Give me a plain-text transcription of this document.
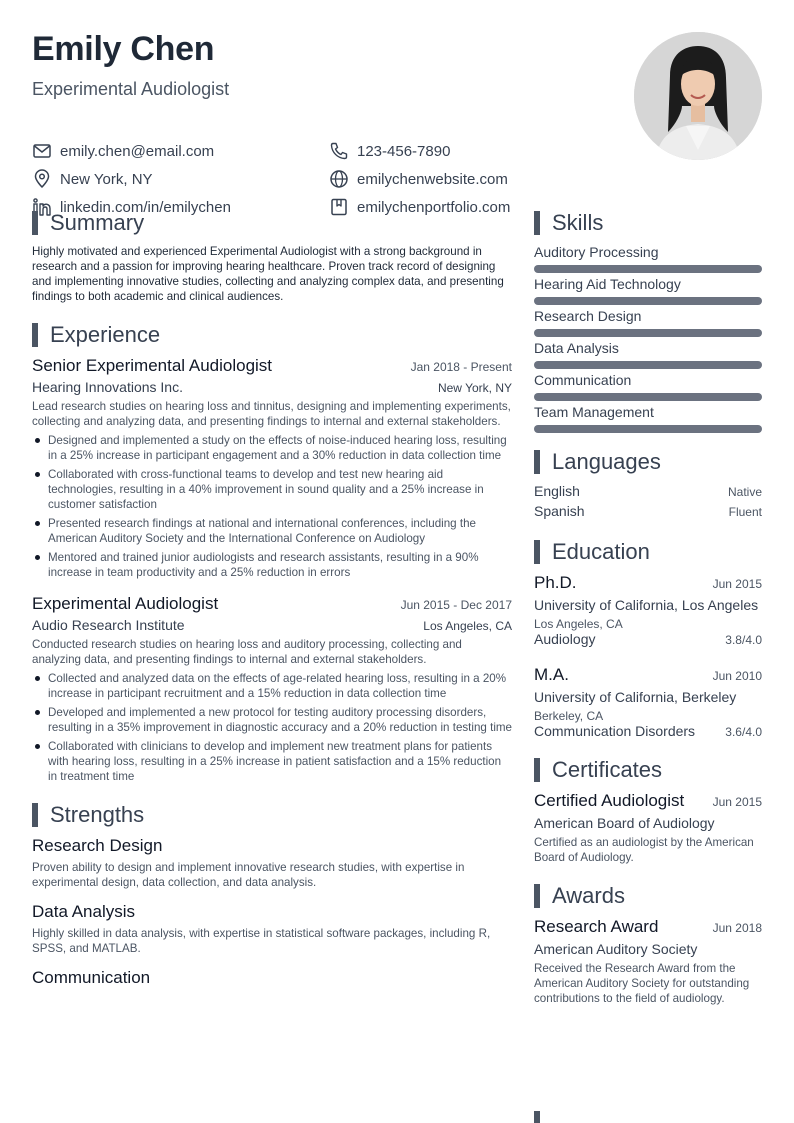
Emily Chen
Experimental Audiologist
emily.chen@email.com	123-456-7890
New York, NY	emilychenwebsite.com
linkedin.com/in/emilychen	emilychenportfolio.com
Summary

Highly motivated and experienced Experimental Audiologist with a strong background in research and a passion for improving hearing healthcare. Proven track record of designing and implementing innovative studies, collecting and analyzing complex data, and presenting findings to both academic and clinical audiences.

Experience
Senior Experimental Audiologist	Jan 2018 - Present
Hearing Innovations Inc.	New York, NY

Lead research studies on hearing loss and tinnitus, designing and implementing experiments, collecting and analyzing data, and presenting findings to internal and external stakeholders.

Designed and implemented a study on the effects of noise-induced hearing loss, resulting in a 25% increase in participant engagement and a 30% reduction in data collection time
Collaborated with cross-functional teams to develop and test new hearing aid technologies, resulting in a 40% improvement in sound quality and a 25% increase in customer satisfaction
Presented research findings at national and international conferences, including the American Auditory Society and the International Conference on Audiology
Mentored and trained junior audiologists and research assistants, resulting in a 90% increase in team productivity and a 25% reduction in errors
Experimental Audiologist	Jun 2015 - Dec 2017
Audio Research Institute	Los Angeles, CA

Conducted research studies on hearing loss and auditory processing, collecting and analyzing data, and presenting findings to internal and external stakeholders.

Collected and analyzed data on the effects of age-related hearing loss, resulting in a 20% increase in participant recruitment and a 15% reduction in data collection time
Developed and implemented a new protocol for testing auditory processing disorders, resulting in a 35% improvement in diagnostic accuracy and a 20% reduction in testing time
Collaborated with clinicians to develop and implement new treatment plans for patients with hearing loss, resulting in a 25% increase in patient satisfaction and a 15% reduction in treatment time
Strengths
Research Design

Proven ability to design and implement innovative research studies, with expertise in experimental design, data collection, and data analysis.

Data Analysis

Highly skilled in data analysis, with expertise in statistical software packages, including R, SPSS, and MATLAB.

Communication
Skills
Auditory Processing
Hearing Aid Technology
Research Design
Data Analysis
Communication
Team Management
Languages
English	Native
Spanish	Fluent
Education
Ph.D.	Jun 2015
University of California, Los Angeles
Los Angeles, CA
Audiology	3.8/4.0
M.A.	Jun 2010
University of California, Berkeley
Berkeley, CA
Communication Disorders	3.6/4.0
Certificates
Certified Audiologist Jun 2015
American Board of Audiology

Certified as an audiologist by the American Board of Audiology.

Awards
Research Award	Jun 2018
American Auditory Society

Received the Research Award from the American Auditory Society for outstanding contributions to the field of audiology.
